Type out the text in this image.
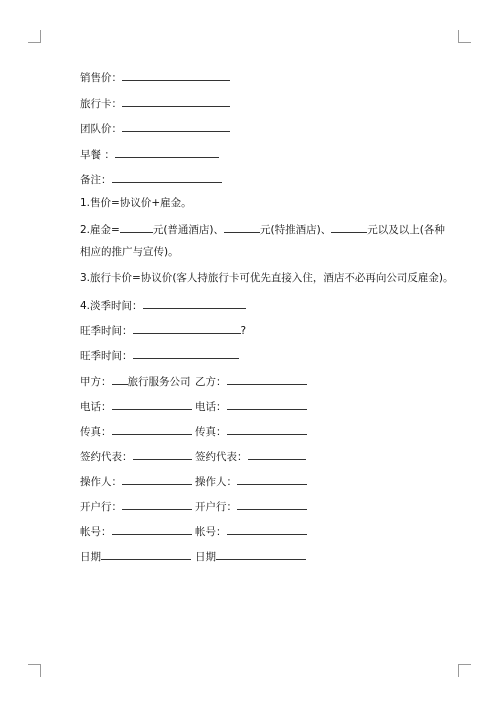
销售价：
旅行卡：
团队价：
早餐 ：
备注：
1.售价=协议价+雇金。
2.雇金=	元(普通酒店)、	元(特推酒店)、	元以及以上(各种
相应的推广与宣传)。
3.旅行卡价=协议价(客人持旅行卡可优先直接入住，酒店不必再向公司反雇金)。
4.淡季时间：
旺季时间：	?
旺季时间：
甲方： 旅行服务公司 乙方：
电话：	电话：
传真：	传真：
签约代表：	签约代表：
操作人：	操作人：
开户行：	开户行：
帐号：	帐号：
日期	日期
